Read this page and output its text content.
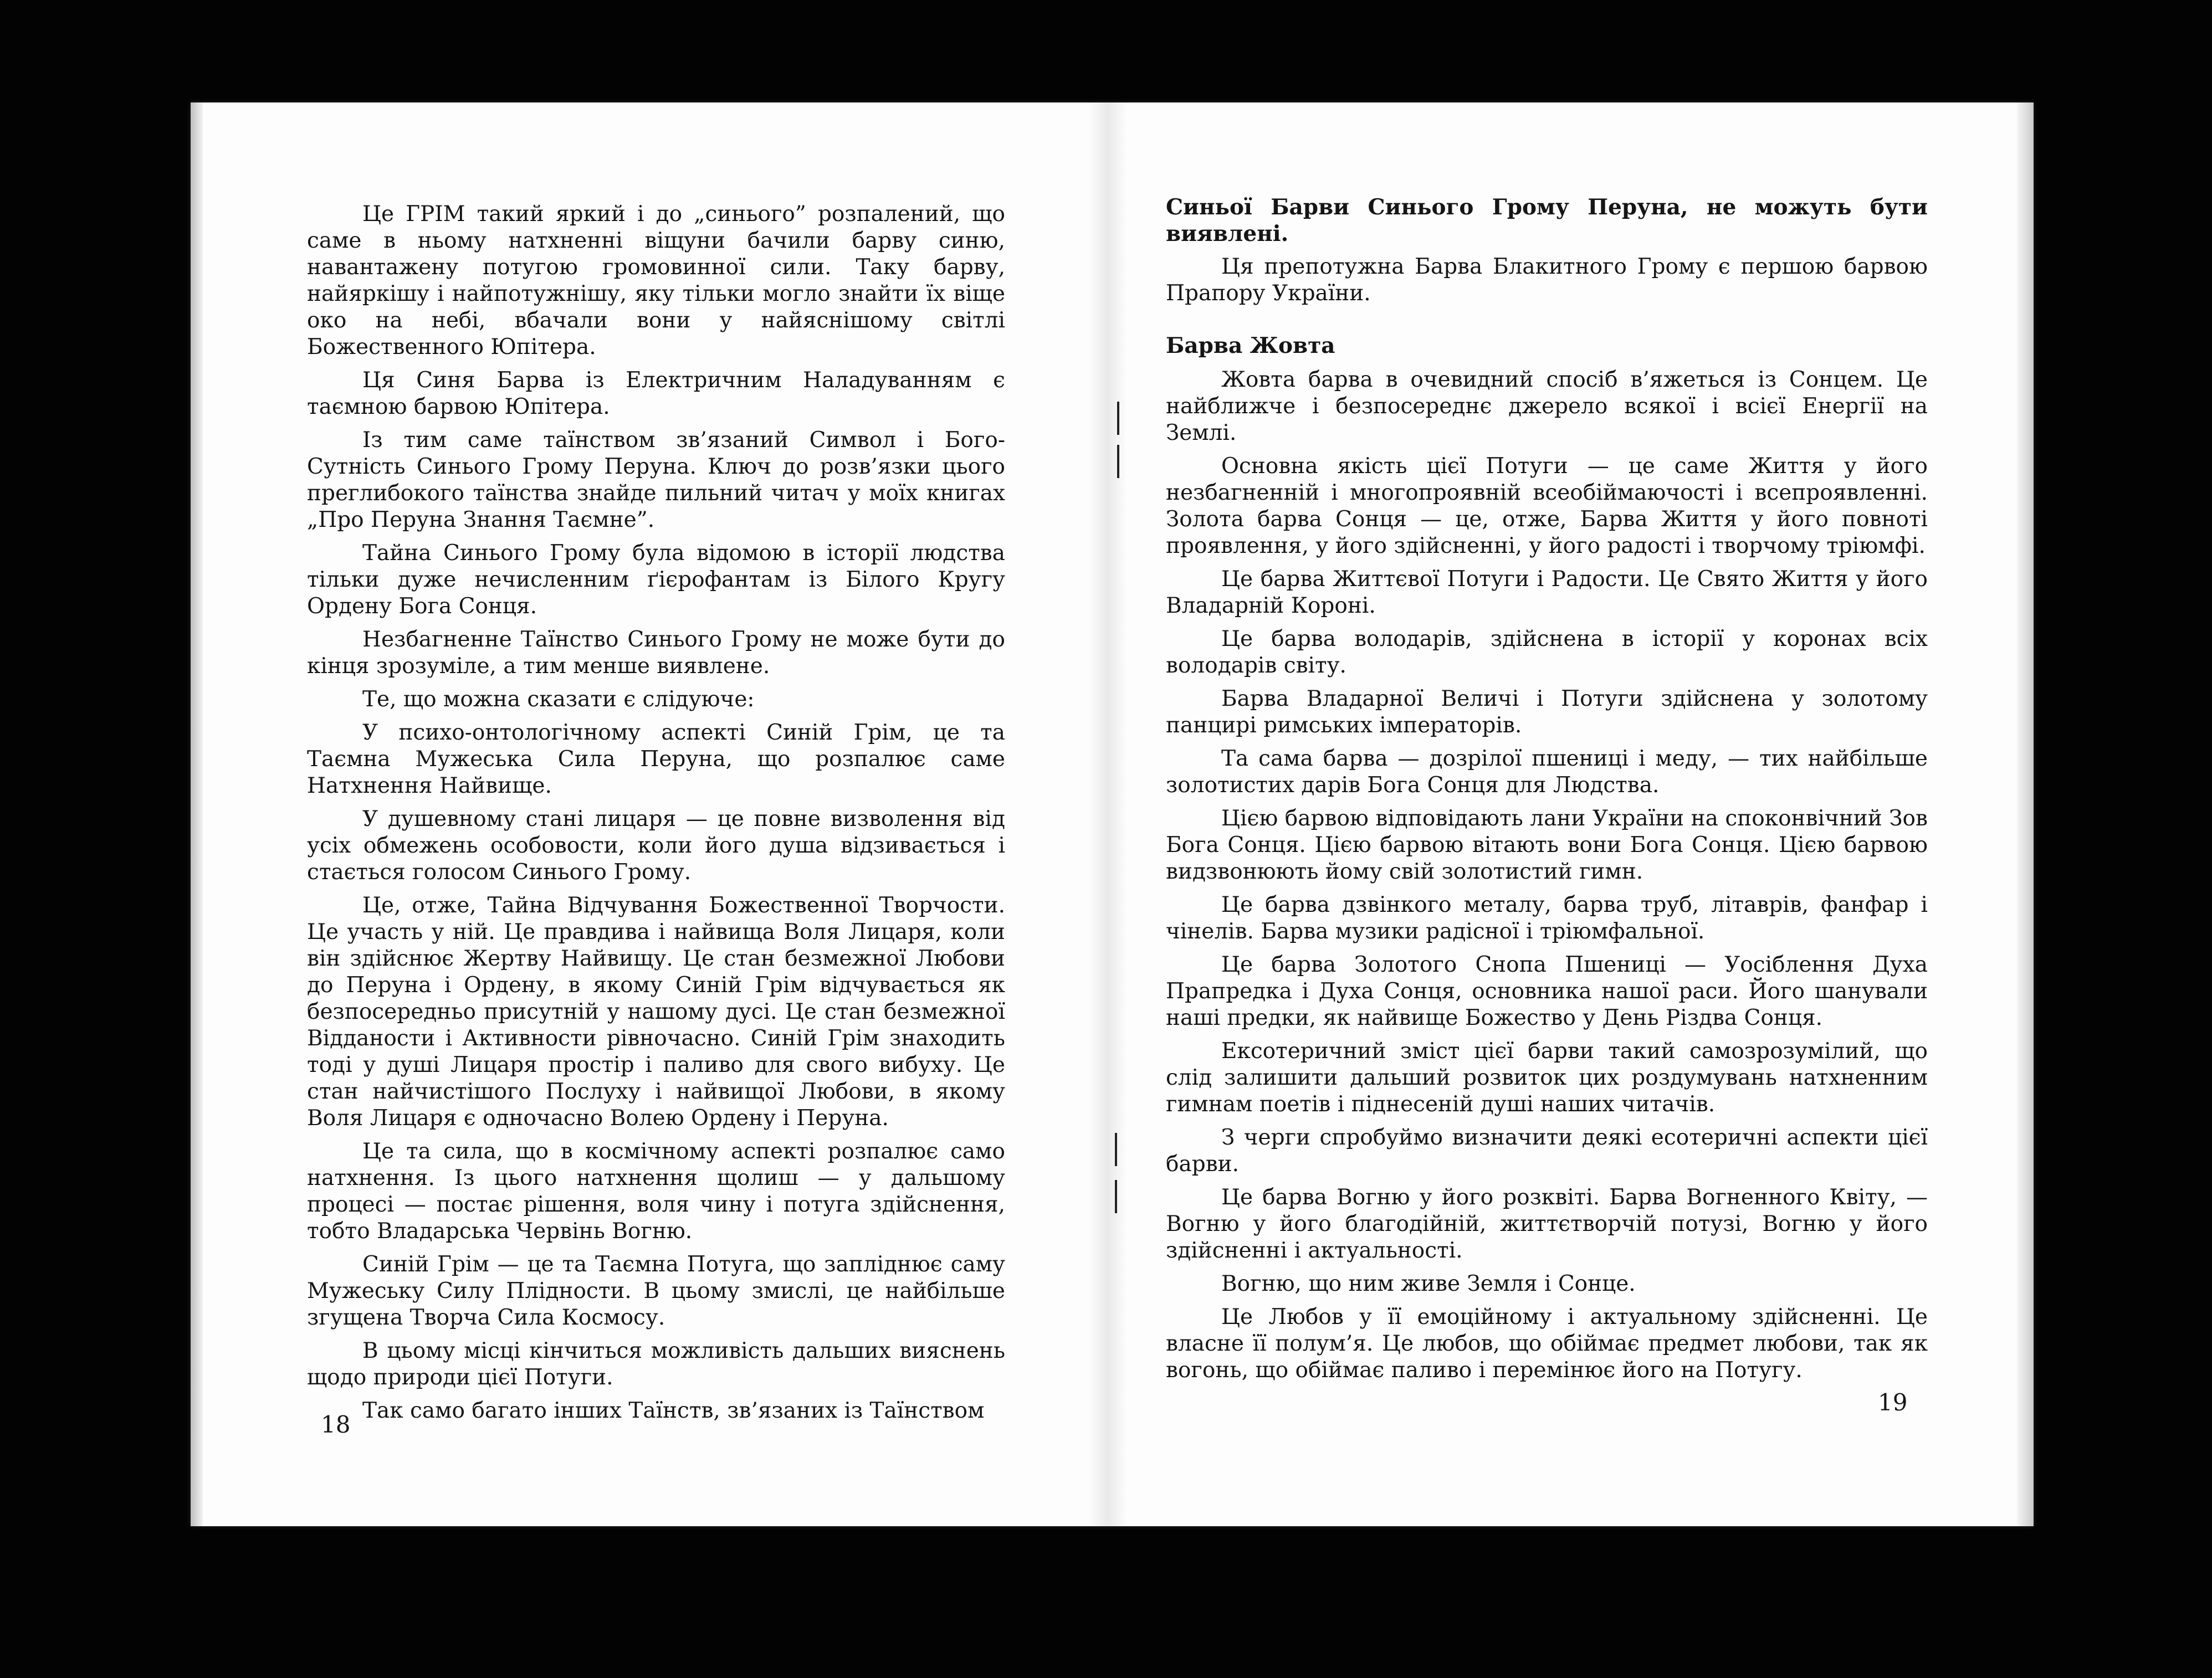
Це ГРІМ такий яркий і до „синього” розпалений, що саме в ньому натхненні віщуни бачили барву синю, навантажену потугою громовинної сили. Таку барву, найяркішу і найпотужнішу, яку тільки могло знайти їх віще око на небі, вбачали вони у найяснішому світлі Божественного Юпітера.

Ця Синя Барва із Електричним Наладуванням є таємною барвою Юпітера.

Із тим саме таїнством зв’язаний Символ і Бого-Сутність Синього Грому Перуна. Ключ до розв’язки цього преглибокого таїнства знайде пильний читач у моїх книгах „Про Перуна Знання Таємне”.

Тайна Синього Грому була відомою в історії людства тільки дуже нечисленним ґієрофантам із Білого Кругу Ордену Бога Сонця.

Незбагненне Таїнство Синього Грому не може бути до кінця зрозуміле, а тим менше виявлене.

Те, що можна сказати є слідуюче:

У психо-онтологічному аспекті Синій Грім, це та Таємна Мужеська Сила Перуна, що розпалює саме Натхнення Найвище.

У душевному стані лицаря — це повне визволення від усіх обмежень особовости, коли його душа відзивається і стається голосом Синього Грому.

Це, отже, Тайна Відчування Божественної Творчости. Це участь у ній. Це правдива і найвища Воля Лицаря, коли він здійснює Жертву Найвищу. Це стан безмежної Любови до Перуна і Ордену, в якому Синій Грім відчувається як безпосередньо присутній у нашому дусі. Це стан безмежної Відданости і Активности рівночасно. Синій Грім знаходить тоді у душі Лицаря простір і паливо для свого вибуху. Це стан найчистішого Послуху і найвищої Любови, в якому Воля Лицаря є одночасно Волею Ордену і Перуна.

Це та сила, що в космічному аспекті розпалює само натхнення. Із цього натхнення щолиш — у дальшому процесі — постає рішення, воля чину і потуга здійснення, тобто Владарська Червінь Вогню.

Синій Грім — це та Таємна Потуга, що запліднює саму Мужеську Силу Плідности. В цьому змислі, це найбільше згущена Творча Сила Космосу.

В цьому місці кінчиться можливість дальших вияснень щодо природи цієї Потуги.

Так само багато інших Таїнств, зв’язаних із Таїнством

Синьої Барви Синього Грому Перуна, не можуть бути виявлені.

Ця препотужна Барва Блакитного Грому є першою барвою Прапору України.

Барва Жовта

Жовта барва в очевидний спосіб в’яжеться із Сонцем. Це найближче і безпосереднє джерело всякої і всієї Енергії на Землі.

Основна якість цієї Потуги — це саме Життя у його незбагненній і многопроявній всеобіймаючості і всепроявленні. Золота барва Сонця — це, отже, Барва Життя у його повноті проявлення, у його здійсненні, у його радості і творчому тріюмфі.

Це барва Життєвої Потуги і Радости. Це Свято Життя у його Владарній Короні.

Це барва володарів, здійснена в історії у коронах всіх володарів світу.

Барва Владарної Величі і Потуги здійснена у золотому панцирі римських імператорів.

Та сама барва — дозрілої пшениці і меду, — тих найбільше золотистих дарів Бога Сонця для Людства.

Цією барвою відповідають лани України на споконвічний Зов Бога Сонця. Цією барвою вітають вони Бога Сонця. Цією барвою видзвонюють йому свій золотистий гимн.

Це барва дзвінкого металу, барва труб, літаврів, фанфар і чінелів. Барва музики радісної і тріюмфальної.

Це барва Золотого Снопа Пшениці — Уосіблення Духа Прапредка і Духа Сонця, основника нашої раси. Його шанували наші предки, як найвище Божество у День Різдва Сонця.

Ексотеричний зміст цієї барви такий самозрозумілий, що слід залишити дальший розвиток цих роздумувань натхненним гимнам поетів і піднесеній душі наших читачів.

З черги спробуймо визначити деякі есотеричні аспекти цієї барви.

Це барва Вогню у його розквіті. Барва Вогненного Квіту, — Вогню у його благодійній, життєтворчій потузі, Вогню у його здійсненні і актуальності.

Вогню, що ним живе Земля і Сонце.

Це Любов у її емоційному і актуальному здійсненні. Це власне її полум’я. Це любов, що обіймає предмет любови, так як вогонь, що обіймає паливо і перемінює його на Потугу.

18
19
